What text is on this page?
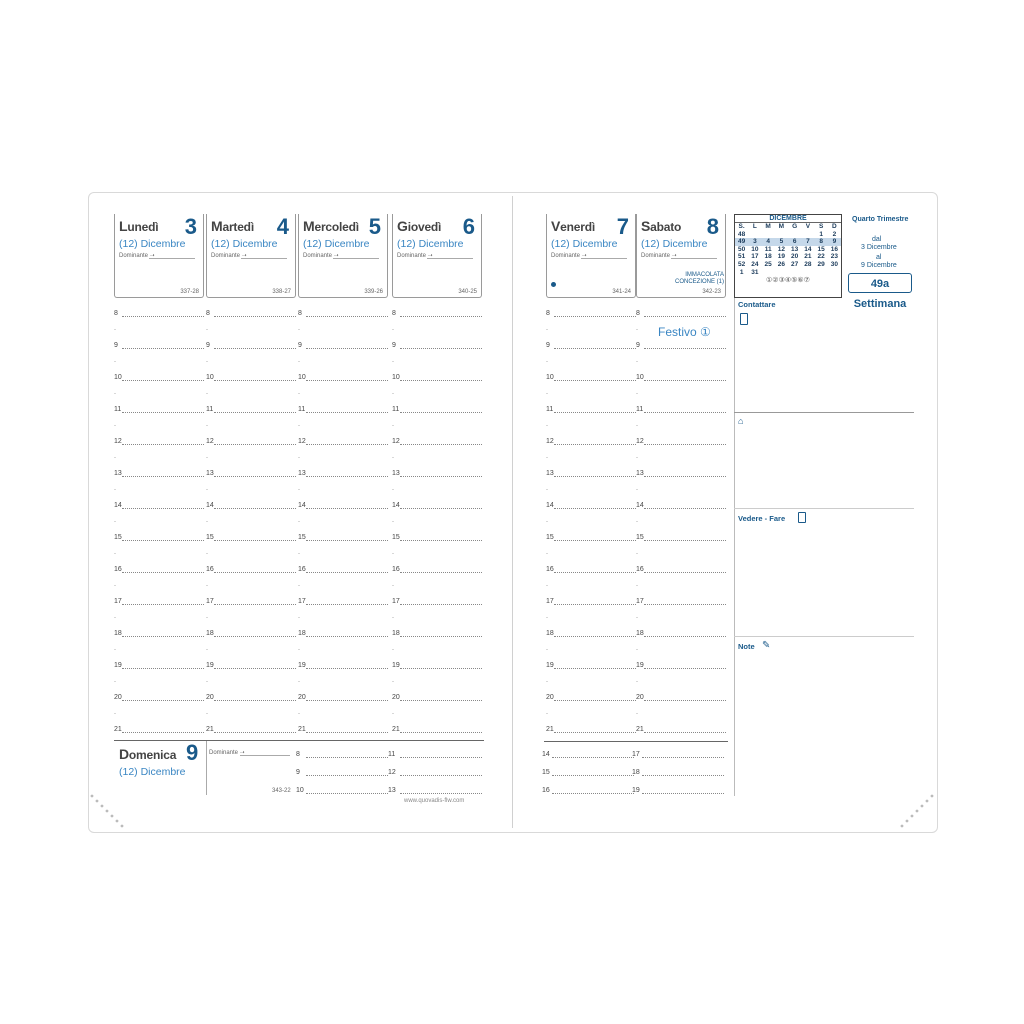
Lunedì 3
(12) Dicembre
Dominante ➝
337-28
Martedì 4
(12) Dicembre
Dominante ➝
338-27
Mercoledì 5
(12) Dicembre
Dominante ➝
339-26
Giovedì 6
(12) Dicembre
Dominante ➝
340-25
Venerdì 7
(12) Dicembre
Dominante ➝
341-24
Sabato 8
(12) Dicembre
Dominante ➝
342-23
IMMACOLATA CONCEZIONE (1)
8
-
9
-
10
-
11
-
12
-
13
-
14
-
15
-
16
-
17
-
18
-
19
-
20
-
21
8
-
9
-
10
-
11
-
12
-
13
-
14
-
15
-
16
-
17
-
18
-
19
-
20
-
21
8
-
9
-
10
-
11
-
12
-
13
-
14
-
15
-
16
-
17
-
18
-
19
-
20
-
21
8
-
9
-
10
-
11
-
12
-
13
-
14
-
15
-
16
-
17
-
18
-
19
-
20
-
21
8
-
9
-
10
-
11
-
12
-
13
-
14
-
15
-
16
-
17
-
18
-
19
-
20
-
21
8
-
9
-
10
-
11
-
12
-
13
-
14
-
15
-
16
-
17
-
18
-
19
-
20
-
21
14
15
16
17
18
19
Festivo ①
Domenica 9
(12) Dicembre
Dominante ➝
343-22
8
9
10
11
12
13
www.quovadis-flw.com
DICEMBRE
S.	L	M	M	G	V	S	D
48						1	2
49	3	4	5	6	7	8	9
50	10	11	12	13	14	15	16
51	17	18	19	20	21	22	23
52	24	25	26	27	28	29	30
1	31						
①②③④⑤⑥⑦
Quarto Trimestre
dal
3 Dicembre
al
9 Dicembre
49a Settimana
Contattare
⌂
Vedere - Fare
Note ✎
